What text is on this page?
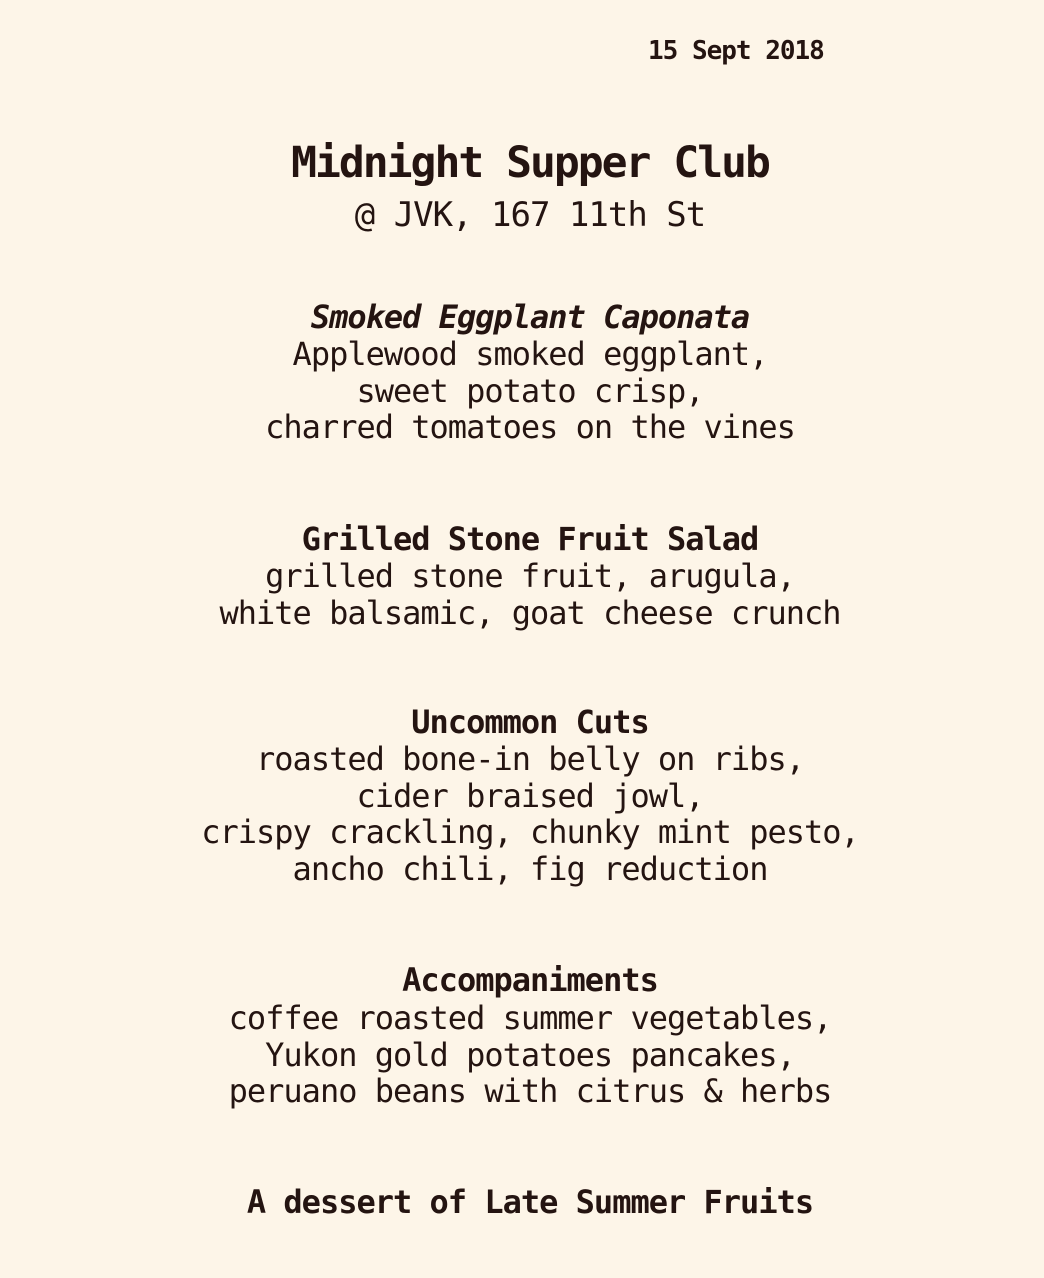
15 Sept 2018
Midnight Supper Club
@ JVK, 167 11th St
Smoked Eggplant Caponata
Applewood smoked eggplant,
sweet potato crisp,
charred tomatoes on the vines
Grilled Stone Fruit Salad
grilled stone fruit, arugula,
white balsamic, goat cheese crunch
Uncommon Cuts
roasted bone-in belly on ribs,
cider braised jowl,
crispy crackling, chunky mint pesto,
ancho chili, fig reduction
Accompaniments
coffee roasted summer vegetables,
Yukon gold potatoes pancakes,
peruano beans with citrus & herbs
A dessert of Late Summer Fruits
